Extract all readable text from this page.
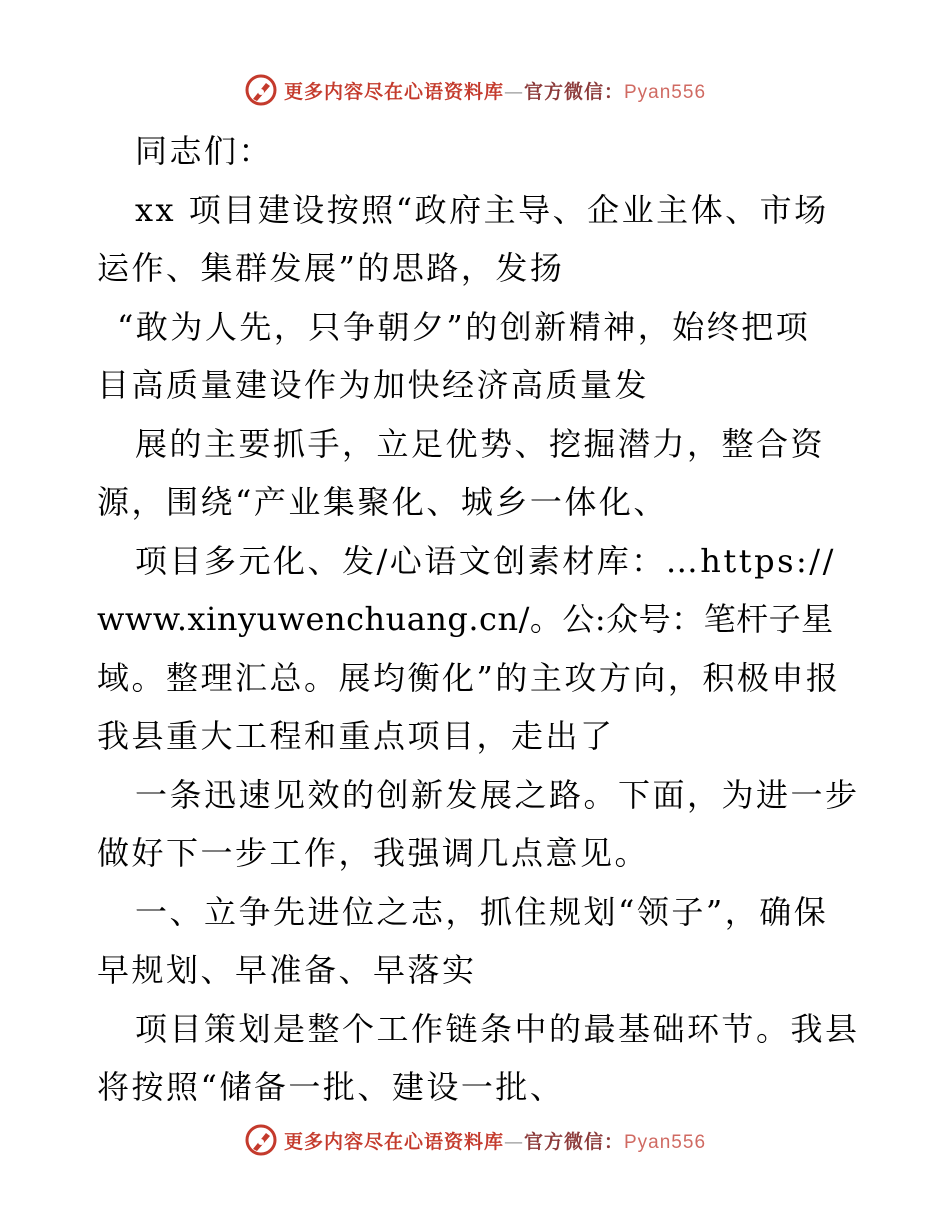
更多内容尽在心语资料库—官方微信：Pyan556
同志们：
xx 项目建设按照“政府主导、企业主体、市场
运作、集群发展”的思路，发扬
“敢为人先，只争朝夕”的创新精神，始终把项
目高质量建设作为加快经济高质量发
展的主要抓手，立足优势、挖掘潜力，整合资
源，围绕“产业集聚化、城乡一体化、
项目多元化、发/心语文创素材库：…https://
www.xinyuwenchuang.cn/。公:众号：笔杆子星
域。整理汇总。展均衡化”的主攻方向，积极申报
我县重大工程和重点项目，走出了
一条迅速见效的创新发展之路。下面，为进一步
做好下一步工作，我强调几点意见。
一、立争先进位之志，抓住规划“领子”，确保
早规划、早准备、早落实
项目策划是整个工作链条中的最基础环节。我县
将按照“储备一批、建设一批、
更多内容尽在心语资料库—官方微信：Pyan556
